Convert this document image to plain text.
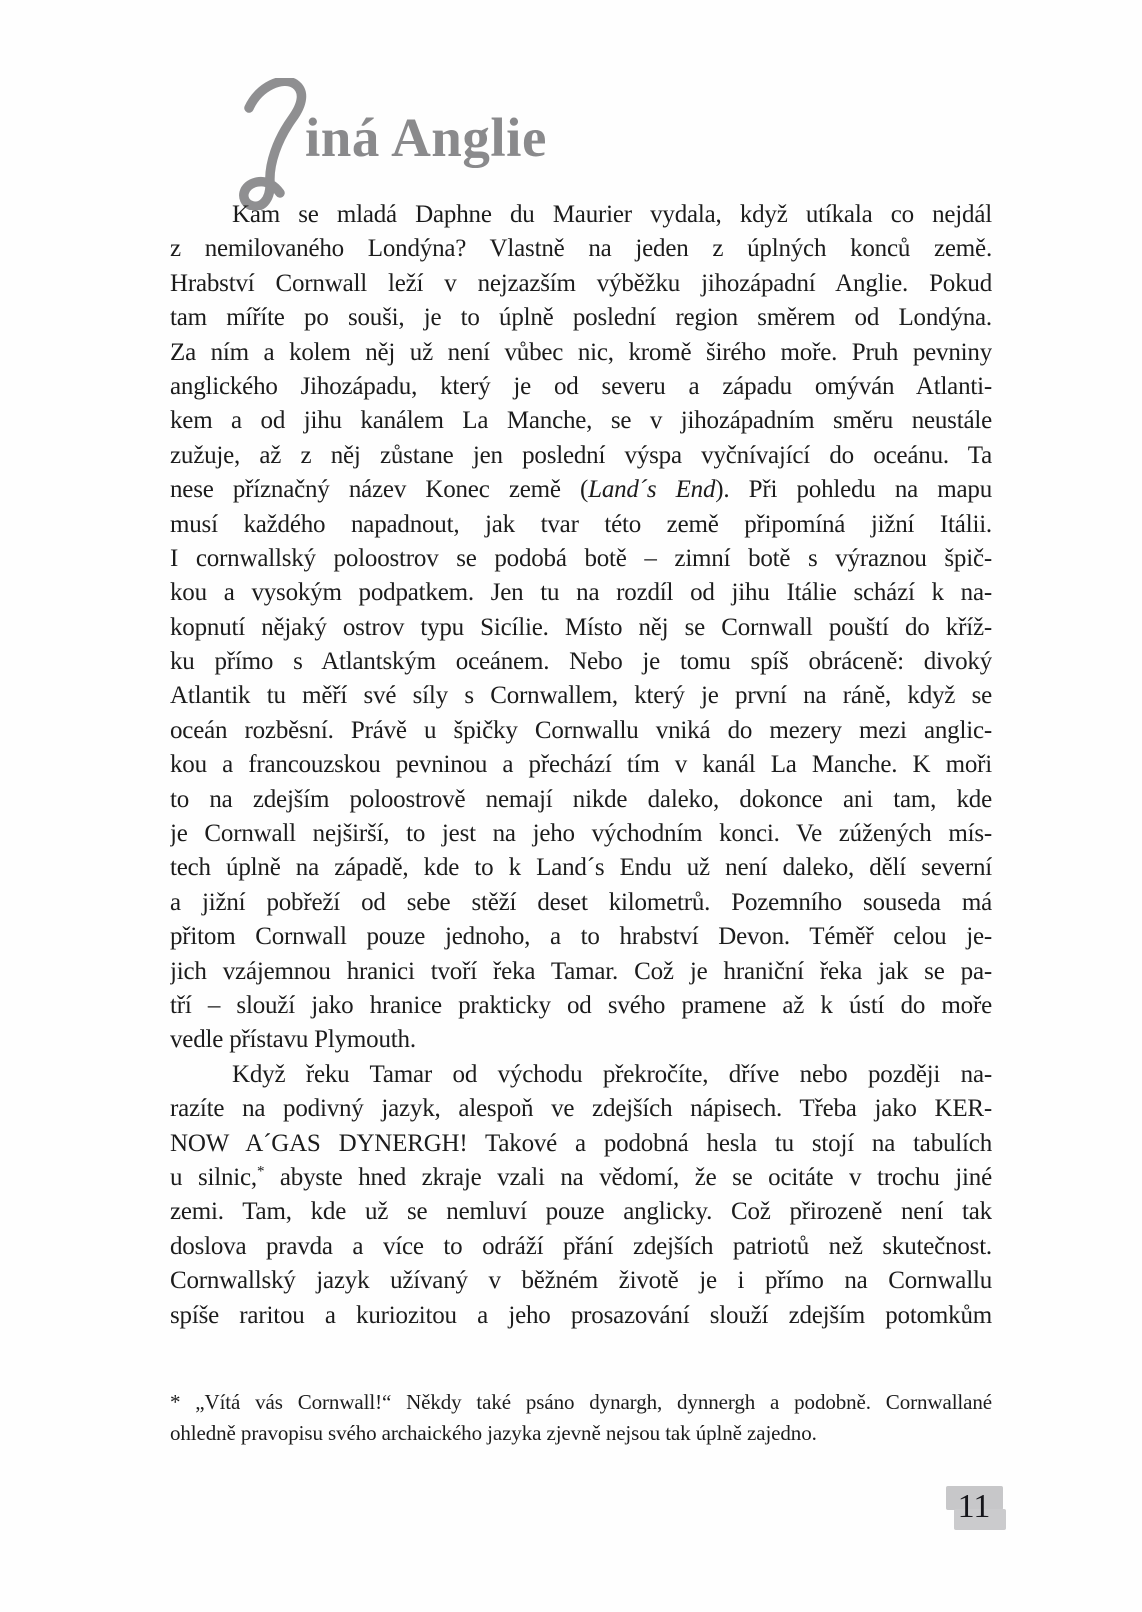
iná Anglie
Kam se mladá Daphne du Maurier vydala, když utíkala co nejdál
z nemilovaného Londýna? Vlastně na jeden z úplných konců země.
Hrabství Cornwall leží v nejzazším výběžku jihozápadní Anglie. Pokud
tam míříte po souši, je to úplně poslední region směrem od Londýna.
Za ním a kolem něj už není vůbec nic, kromě širého moře. Pruh pevniny
anglického Jihozápadu, který je od severu a západu omýván Atlanti-
kem a od jihu kanálem La Manche, se v jihozápadním směru neustále
zužuje, až z něj zůstane jen poslední výspa vyčnívající do oceánu. Ta
nese příznačný název Konec země (Land´s End). Při pohledu na mapu
musí každého napadnout, jak tvar této země připomíná jižní Itálii.
I cornwallský poloostrov se podobá botě – zimní botě s výraznou špič-
kou a vysokým podpatkem. Jen tu na rozdíl od jihu Itálie schází k na-
kopnutí nějaký ostrov typu Sicílie. Místo něj se Cornwall pouští do kříž-
ku přímo s Atlantským oceánem. Nebo je tomu spíš obráceně: divoký
Atlantik tu měří své síly s Cornwallem, který je první na ráně, když se
oceán rozběsní. Právě u špičky Cornwallu vniká do mezery mezi anglic-
kou a francouzskou pevninou a přechází tím v kanál La Manche. K moři
to na zdejším poloostrově nemají nikde daleko, dokonce ani tam, kde
je Cornwall nejširší, to jest na jeho východním konci. Ve zúžených mís-
tech úplně na západě, kde to k Land´s Endu už není daleko, dělí severní
a jižní pobřeží od sebe stěží deset kilometrů. Pozemního souseda má
přitom Cornwall pouze jednoho, a to hrabství Devon. Téměř celou je-
jich vzájemnou hranici tvoří řeka Tamar. Což je hraniční řeka jak se pa-
tří – slouží jako hranice prakticky od svého pramene až k ústí do moře
vedle přístavu Plymouth.
Když řeku Tamar od východu překročíte, dříve nebo později na-
razíte na podivný jazyk, alespoň ve zdejších nápisech. Třeba jako KER-
NOW A´GAS DYNERGH! Takové a podobná hesla tu stojí na tabulích
u silnic,* abyste hned zkraje vzali na vědomí, že se ocitáte v trochu jiné
zemi. Tam, kde už se nemluví pouze anglicky. Což přirozeně není tak
doslova pravda a více to odráží přání zdejších patriotů než skutečnost.
Cornwallský jazyk užívaný v běžném životě je i přímo na Cornwallu
spíše raritou a kuriozitou a jeho prosazování slouží zdejším potomkům
* „Vítá vás Cornwall!“ Někdy také psáno dynargh, dynnergh a podobně. Cornwallané
ohledně pravopisu svého archaického jazyka zjevně nejsou tak úplně zajedno.
11
